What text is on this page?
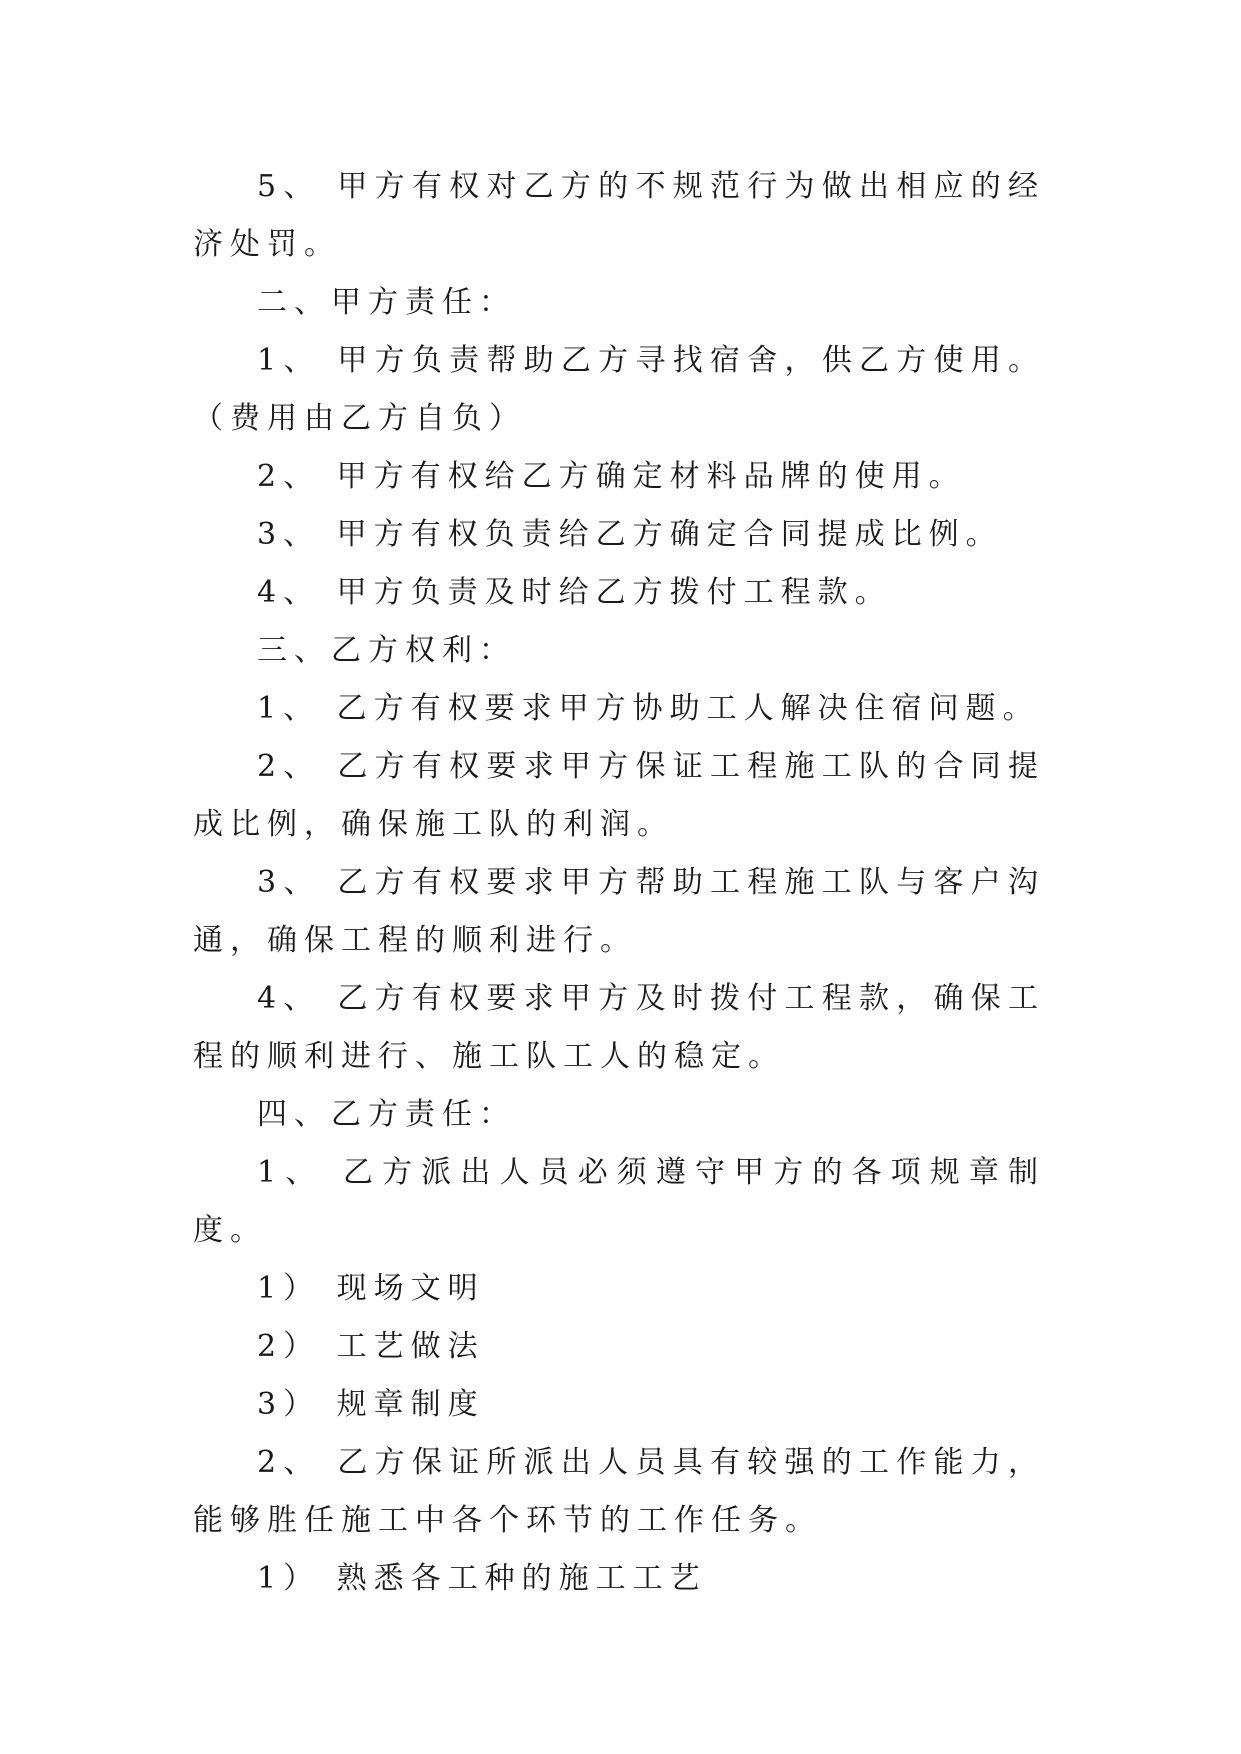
5、 甲方有权对乙方的不规范行为做出相应的经济处罚。

二、甲方责任：

1、 甲方负责帮助乙方寻找宿舍，供乙方使用。（费用由乙方自负）

2、 甲方有权给乙方确定材料品牌的使用。

3、 甲方有权负责给乙方确定合同提成比例。

4、 甲方负责及时给乙方拨付工程款。

三、乙方权利：

1、 乙方有权要求甲方协助工人解决住宿问题。

2、 乙方有权要求甲方保证工程施工队的合同提成比例，确保施工队的利润。

3、 乙方有权要求甲方帮助工程施工队与客户沟通，确保工程的顺利进行。

4、 乙方有权要求甲方及时拨付工程款，确保工程的顺利进行、施工队工人的稳定。

四、乙方责任：

1、 乙方派出人员必须遵守甲方的各项规章制度。

1） 现场文明

2） 工艺做法

3） 规章制度

2、 乙方保证所派出人员具有较强的工作能力，能够胜任施工中各个环节的工作任务。

1） 熟悉各工种的施工工艺
